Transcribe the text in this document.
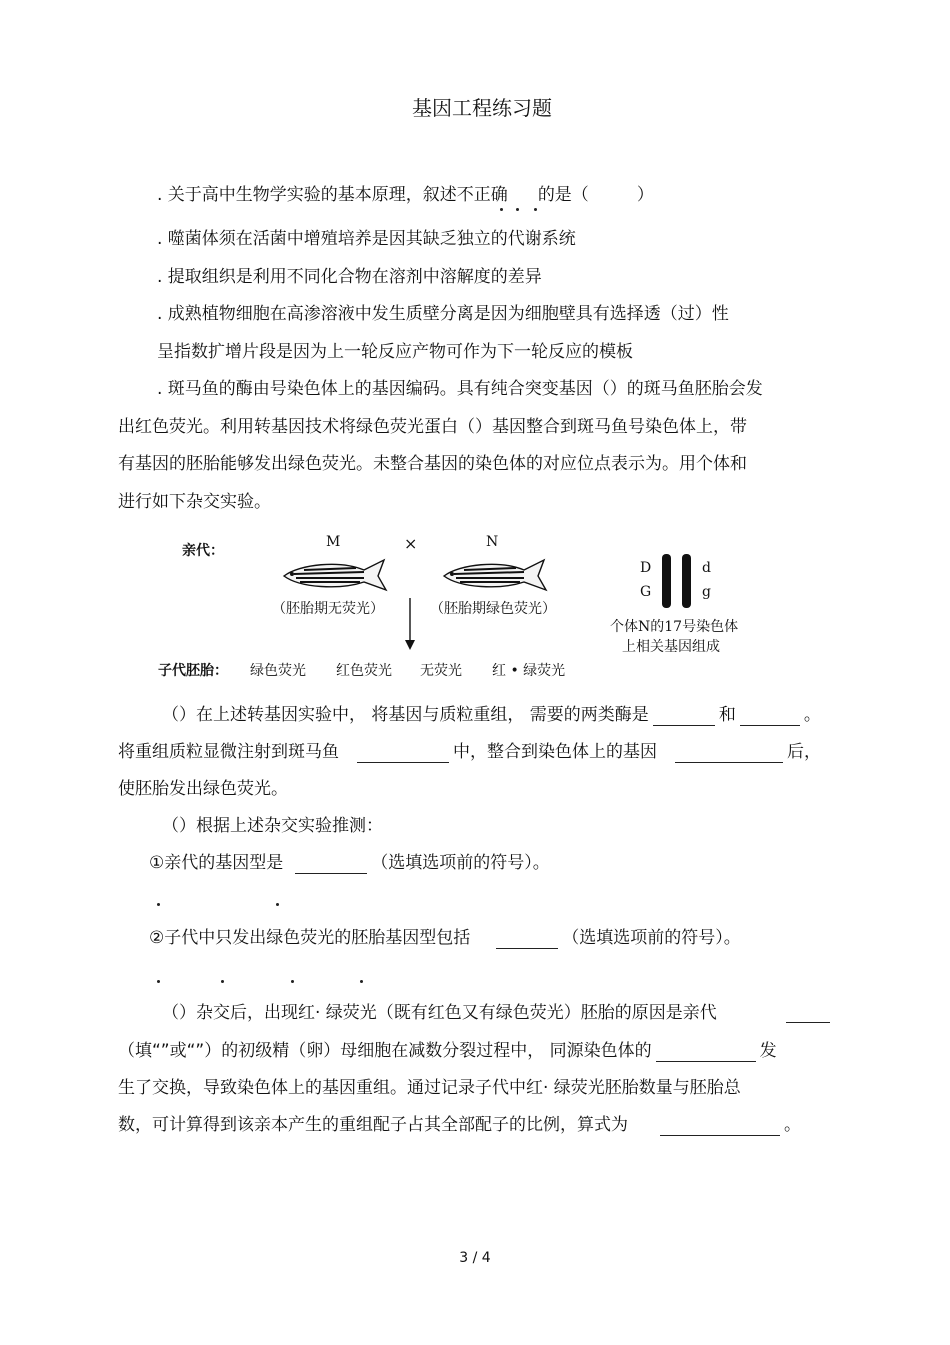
基因工程练习题
. 关于高中生物学实验的基本原理，叙述不正确 的是（	）
. 噬菌体须在活菌中增殖培养是因其缺乏独立的代谢系统
. 提取组织是利用不同化合物在溶剂中溶解度的差异
. 成熟植物细胞在高渗溶液中发生质壁分离是因为细胞壁具有选择透（过）性
呈指数扩增片段是因为上一轮反应产物可作为下一轮反应的模板
. 斑马鱼的酶由号染色体上的基因编码。具有纯合突变基因（）的斑马鱼胚胎会发
出红色荧光。利用转基因技术将绿色荧光蛋白（）基因整合到斑马鱼号染色体上，带
有基因的胚胎能够发出绿色荧光。未整合基因的染色体的对应位点表示为。用个体和
进行如下杂交实验。
亲代：
M	×	N
（胚胎期无荧光）	（胚胎期绿色荧光）
D
G
d
g
个体N的17号染色体
上相关基因组成
子代胚胎： 绿色荧光 红色荧光 无荧光 红 • 绿荧光
（）在上述转基因实验中， 将基因与质粒重组， 需要的两类酶是	和	。
将重组质粒显微注射到斑马鱼	中，整合到染色体上的基因	后，
使胚胎发出绿色荧光。
（）根据上述杂交实验推测：
①亲代的基因型是	（选填选项前的符号）。
②子代中只发出绿色荧光的胚胎基因型包括	（选填选项前的符号）。
（）杂交后，出现红· 绿荧光（既有红色又有绿色荧光）胚胎的原因是亲代
（填“”或“”）的初级精（卵）母细胞在减数分裂过程中， 同源染色体的	发
生了交换，导致染色体上的基因重组。通过记录子代中红· 绿荧光胚胎数量与胚胎总
数，可计算得到该亲本产生的重组配子占其全部配子的比例，算式为	。
3 / 4
